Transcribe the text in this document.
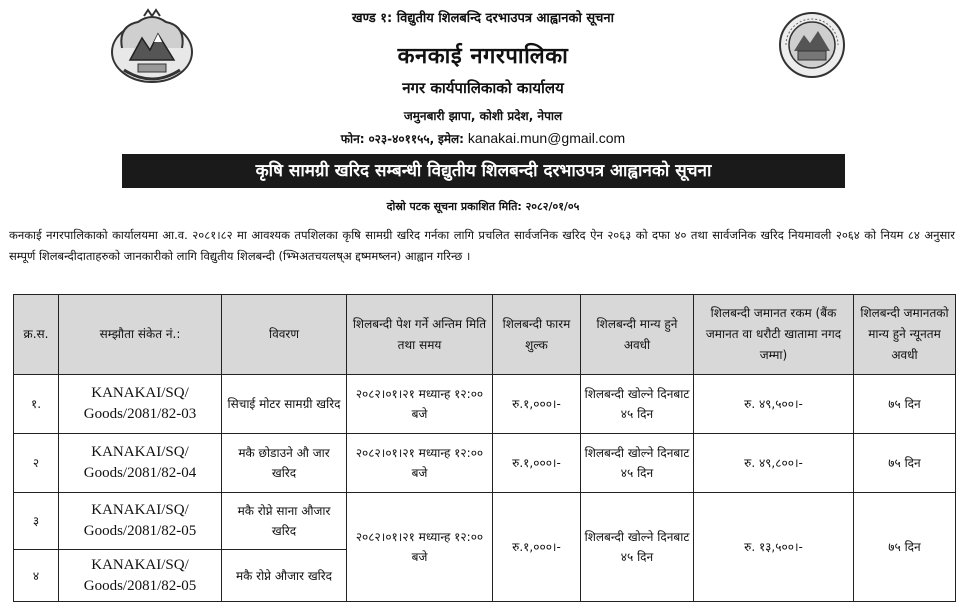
खण्ड १: विद्युतीय शिलबन्दि दरभाउपत्र आह्वानको सूचना
कनकाई नगरपालिका
नगर कार्यपालिकाको कार्यालय
जमुनबारी झापा, कोशी प्रदेश, नेपाल
फोन: ०२३-४०११५५, इमेल: kanakai.mun@gmail.com
कृषि सामग्री खरिद सम्बन्धी विद्युतीय शिलबन्दी दरभाउपत्र आह्वानको सूचना
दोस्रो पटक सूचना प्रकाशित मिति: २०८२/०१/०५
कनकाई नगरपालिकाको कार्यालयमा आ.व. २०८१।८२ मा आवश्यक तपशिलका कृषि सामग्री खरिद गर्नका लागि प्रचलित सार्वजनिक खरिद ऐन २०६३ को दफा ४० तथा सार्वजनिक खरिद नियमावली २०६४ को नियम ८४ अनुसार सम्पूर्ण शिलबन्दीदाताहरुको जानकारीको लागि विद्युतीय शिलबन्दी (भ्भिअतचयलष्अ द्दष्ममष्लन) आह्वान गरिन्छ ।
क्र.स.	सम्झौता संकेत नं.:	विवरण	शिलबन्दी पेश गर्ने अन्तिम मिति तथा समय	शिलबन्दी फारम शुल्क	शिलबन्दी मान्य हुने अवधी	शिलबन्दी जमानत रकम (बैंक जमानत वा धरौटी खातामा नगद जम्मा)	शिलबन्दी जमानतको मान्य हुने न्यूनतम अवधी
१.	KANAKAI/SQ/
Goods/2081/82-03	सिचाई मोटर सामग्री खरिद	२०८२।०१।२१ मध्यान्ह १२:०० बजे	रु.१,०००।-	शिलबन्दी खोल्ने दिनबाट ४५ दिन	रु. ४९,५००।-	७५ दिन
२	KANAKAI/SQ/
Goods/2081/82-04	मकै छोडाउने औ जार खरिद	२०८२।०१।२१ मध्यान्ह १२:०० बजे	रु.१,०००।-	शिलबन्दी खोल्ने दिनबाट ४५ दिन	रु. ४९,८००।-	७५ दिन
३	KANAKAI/SQ/
Goods/2081/82-05	मकै रोप्ने साना औजार खरिद	२०८२।०१।२१ मध्यान्ह १२:०० बजे	रु.१,०००।-	शिलबन्दी खोल्ने दिनबाट ४५ दिन	रु. १३,५००।-	७५ दिन
४	KANAKAI/SQ/
Goods/2081/82-05	मकै रोप्ने औजार खरिद					
